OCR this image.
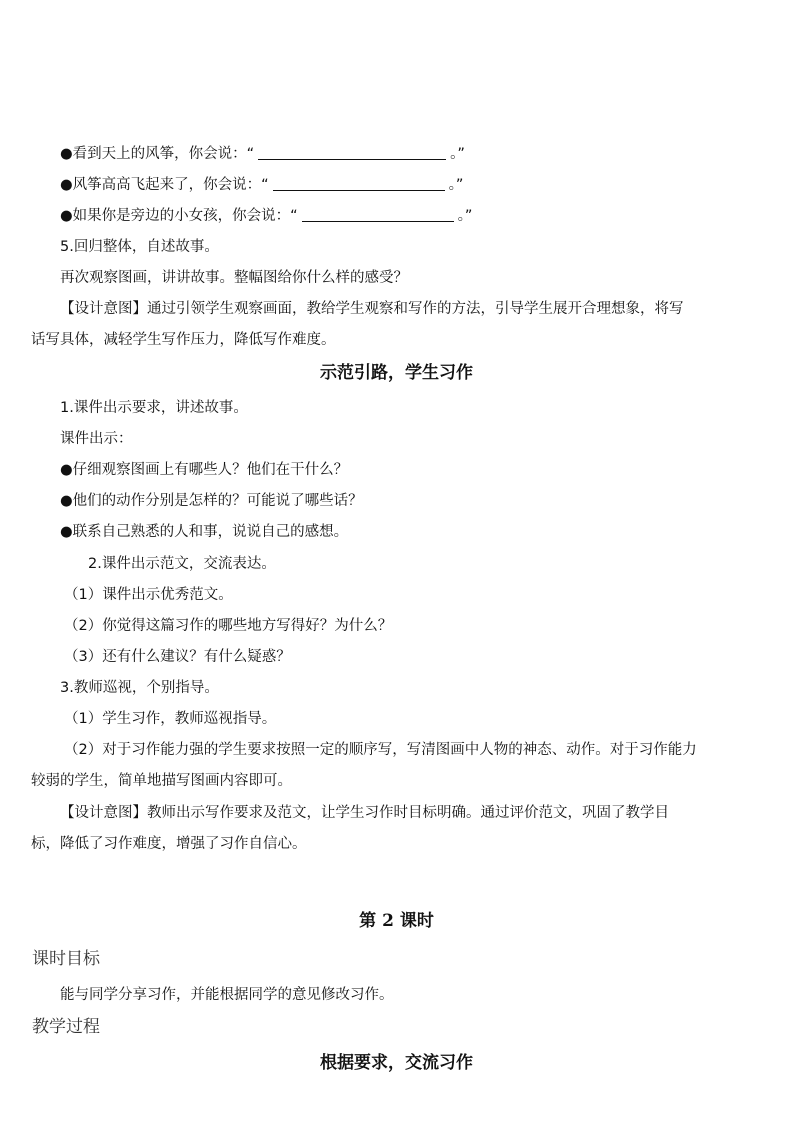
●看到天上的风筝，你会说：“	。”
●风筝高高飞起来了，你会说：“	。”
●如果你是旁边的小女孩，你会说：“	。”
5.回归整体，自述故事。
再次观察图画，讲讲故事。整幅图给你什么样的感受？
【设计意图】通过引领学生观察画面，教给学生观察和写作的方法，引导学生展开合理想象，将写
话写具体，减轻学生写作压力，降低写作难度。
示范引路，学生习作
1.课件出示要求，讲述故事。
课件出示：
●仔细观察图画上有哪些人？他们在干什么？
●他们的动作分别是怎样的？可能说了哪些话？
●联系自己熟悉的人和事，说说自己的感想。
2.课件出示范文，交流表达。
（1）课件出示优秀范文。
（2）你觉得这篇习作的哪些地方写得好？为什么？
（3）还有什么建议？有什么疑惑？
3.教师巡视，个别指导。
（1）学生习作，教师巡视指导。
（2）对于习作能力强的学生要求按照一定的顺序写，写清图画中人物的神态、动作。对于习作能力
较弱的学生，简单地描写图画内容即可。
【设计意图】教师出示写作要求及范文，让学生习作时目标明确。通过评价范文，巩固了教学目
标，降低了习作难度，增强了习作自信心。
第 2 课时
课时目标
能与同学分享习作，并能根据同学的意见修改习作。
教学过程
根据要求，交流习作
